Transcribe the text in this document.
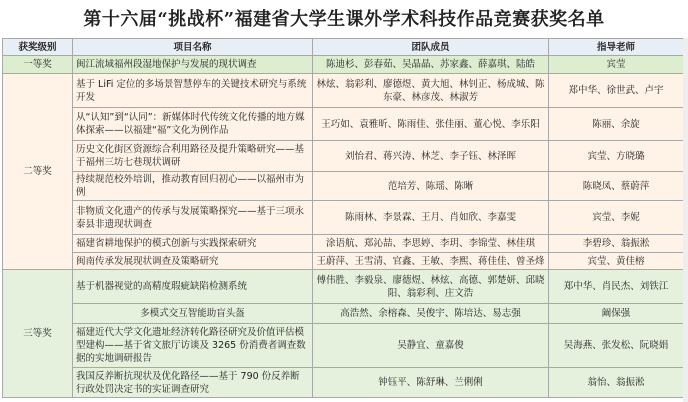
第十六届“挑战杯”福建省大学生课外学术科技作品竞赛获奖名单
获奖级别	项目名称	团队成员	指导老师
一等奖	闽江流域福州段湿地保护与发展的现状调查	陈迪杉、彭春茹、吴晶晶、苏家鑫、薛嘉琪、陆皓	宾莹
二等奖	基于 LiFi 定位的多场景智慧停车的关键技术研究与系统开发	林炫、翁彩利、廖德煜、黄大旭、林钊正、杨成城、陈东豪、林彦茂、林淑芳	郑中华、徐世武、卢宇
	从“认知”到“认同”：新媒体时代传统文化传播的地方媒体探索——以福建“福”文化为例作品	王巧如、袁雅昕、陈雨佳、张佳丽、董心悦、李乐阳	陈丽、余旋
	历史文化街区资源综合利用路径及提升策略研究——基于福州三坊七巷现状调研	刘怡君、蒋兴涛、林芝、李子钰、林泽晖	宾莹、方晓璐
	持续规范校外培训，推动教育回归初心——以福州市为例	范培芳、陈瑶、陈晰	陈晓凤、蔡蔚萍
	非物质文化遗产的传承与发展策略探究——基于三项永泰县非遗现状调查	陈雨林、李景霖、王月、肖如欣、李嘉雯	宾莹、李妮
	福建省耕地保护的模式创新与实践探索研究	涂语航、郑沁喆、李思婷、李玥、李锦莹、林佳琪	李碧珍、翁振淞
	闽南传承发展现状调查及策略研究	王蔚萍、王雪清、官鑫、王敏、李熙、蒋佳佳、曾圣烽	宾莹、黄佳榕
三等奖	基于机器视觉的高精度瑕疵缺陷检测系统	傅伟胜、李毅泉、廖德煜、林炫、高德、郭楚妍、邱晓阳、翁彩利、庄文浩	郑中华、肖民杰、刘铁江
	多模式交互智能助盲头盔	高浩然、余榕森、吴俊宇、陈培达、易志强	阚保强
	福建近代大学文化遗址经济转化路径研究及价值评估模型建构——基于省文旅厅访谈及 3265 份消费者调查数据的实地调研报告	吴静宜、童嘉俊	吴海燕、张发松、阮晓娟
	我国反养断抗现状及优化路径——基于 790 份反养断行政处罚决定书的实证调查研究	钟钰平、陈舒琳、兰俐俐	翁怡、翁振淞
